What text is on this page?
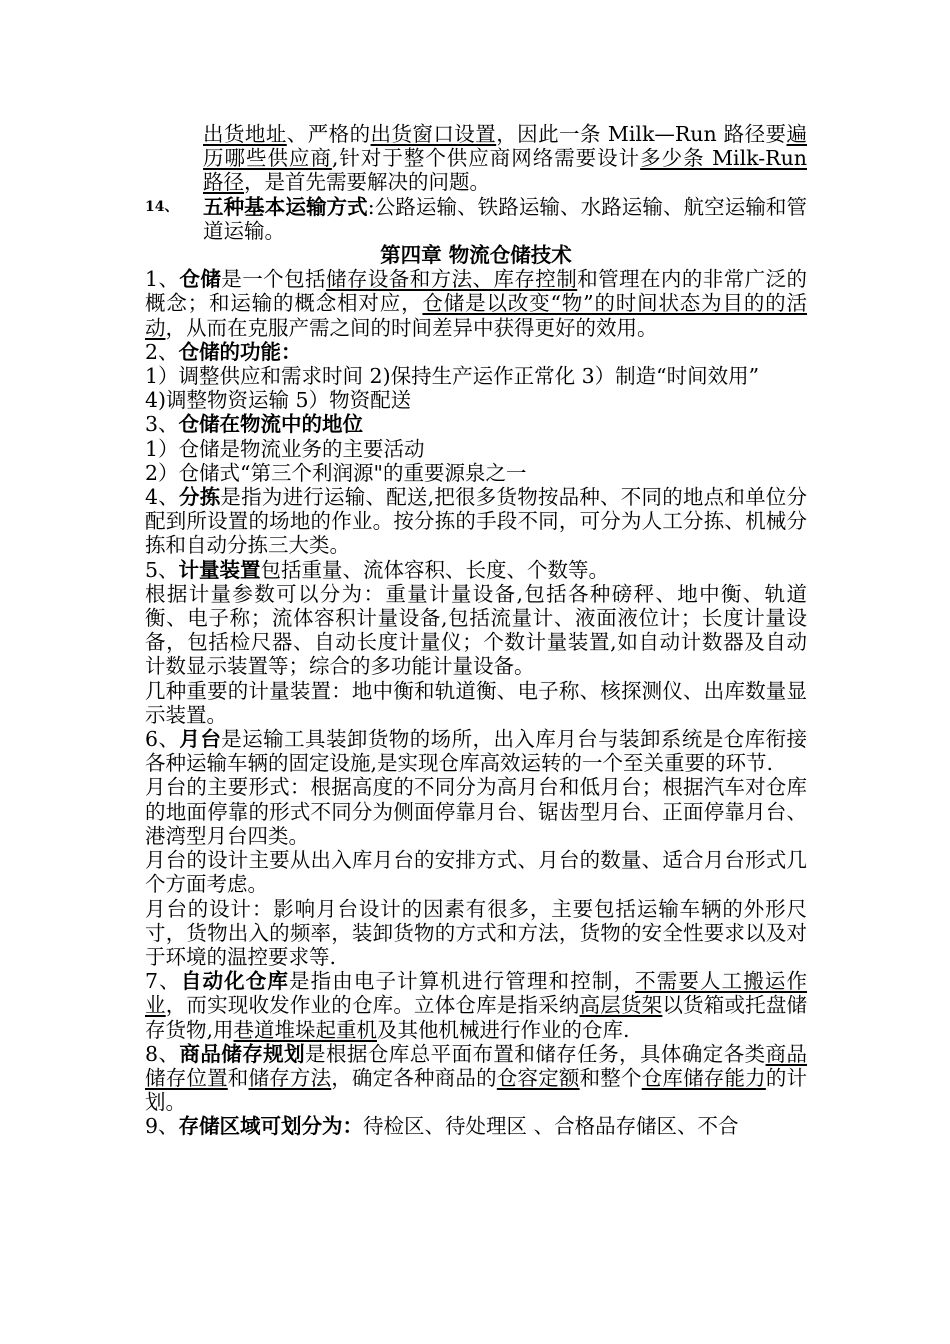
出货地址、严格的出货窗口设置，因此一条 Milk—Run 路径要遍历哪些供应商,针对于整个供应商网络需要设计多少条 Milk-Run 路径，是首先需要解决的问题。

14、 五种基本运输方式:公路运输、铁路运输、水路运输、航空运输和管道运输。

第四章 物流仓储技术

1、仓储是一个包括储存设备和方法、库存控制和管理在内的非常广泛的概念；和运输的概念相对应，仓储是以改变“物”的时间状态为目的的活动，从而在克服产需之间的时间差异中获得更好的效用。

2、仓储的功能：

1）调整供应和需求时间 2)保持生产运作正常化 3）制造“时间效用”

4)调整物资运输 5）物资配送

3、仓储在物流中的地位

1）仓储是物流业务的主要活动

2）仓储式“第三个利润源"的重要源泉之一

4、分拣是指为进行运输、配送,把很多货物按品种、不同的地点和单位分配到所设置的场地的作业。按分拣的手段不同，可分为人工分拣、机械分拣和自动分拣三大类。

5、计量装置包括重量、流体容积、长度、个数等。

根据计量参数可以分为：重量计量设备,包括各种磅秤、地中衡、轨道衡、电子称；流体容积计量设备,包括流量计、液面液位计；长度计量设备，包括检尺器、自动长度计量仪；个数计量装置,如自动计数器及自动计数显示装置等；综合的多功能计量设备。

几种重要的计量装置：地中衡和轨道衡、电子称、核探测仪、出库数量显示装置。

6、月台是运输工具装卸货物的场所，出入库月台与装卸系统是仓库衔接各种运输车辆的固定设施,是实现仓库高效运转的一个至关重要的环节.

月台的主要形式：根据高度的不同分为高月台和低月台；根据汽车对仓库的地面停靠的形式不同分为侧面停靠月台、锯齿型月台、正面停靠月台、港湾型月台四类。

月台的设计主要从出入库月台的安排方式、月台的数量、适合月台形式几个方面考虑。

月台的设计：影响月台设计的因素有很多，主要包括运输车辆的外形尺寸，货物出入的频率，装卸货物的方式和方法，货物的安全性要求以及对于环境的温控要求等.

7、自动化仓库是指由电子计算机进行管理和控制，不需要人工搬运作业，而实现收发作业的仓库。立体仓库是指采纳高层货架以货箱或托盘储存货物,用巷道堆垛起重机及其他机械进行作业的仓库.

8、商品储存规划是根据仓库总平面布置和储存任务，具体确定各类商品储存位置和储存方法，确定各种商品的仓容定额和整个仓库储存能力的计划。

9、存储区域可划分为：待检区、待处理区 、合格品存储区、不合
